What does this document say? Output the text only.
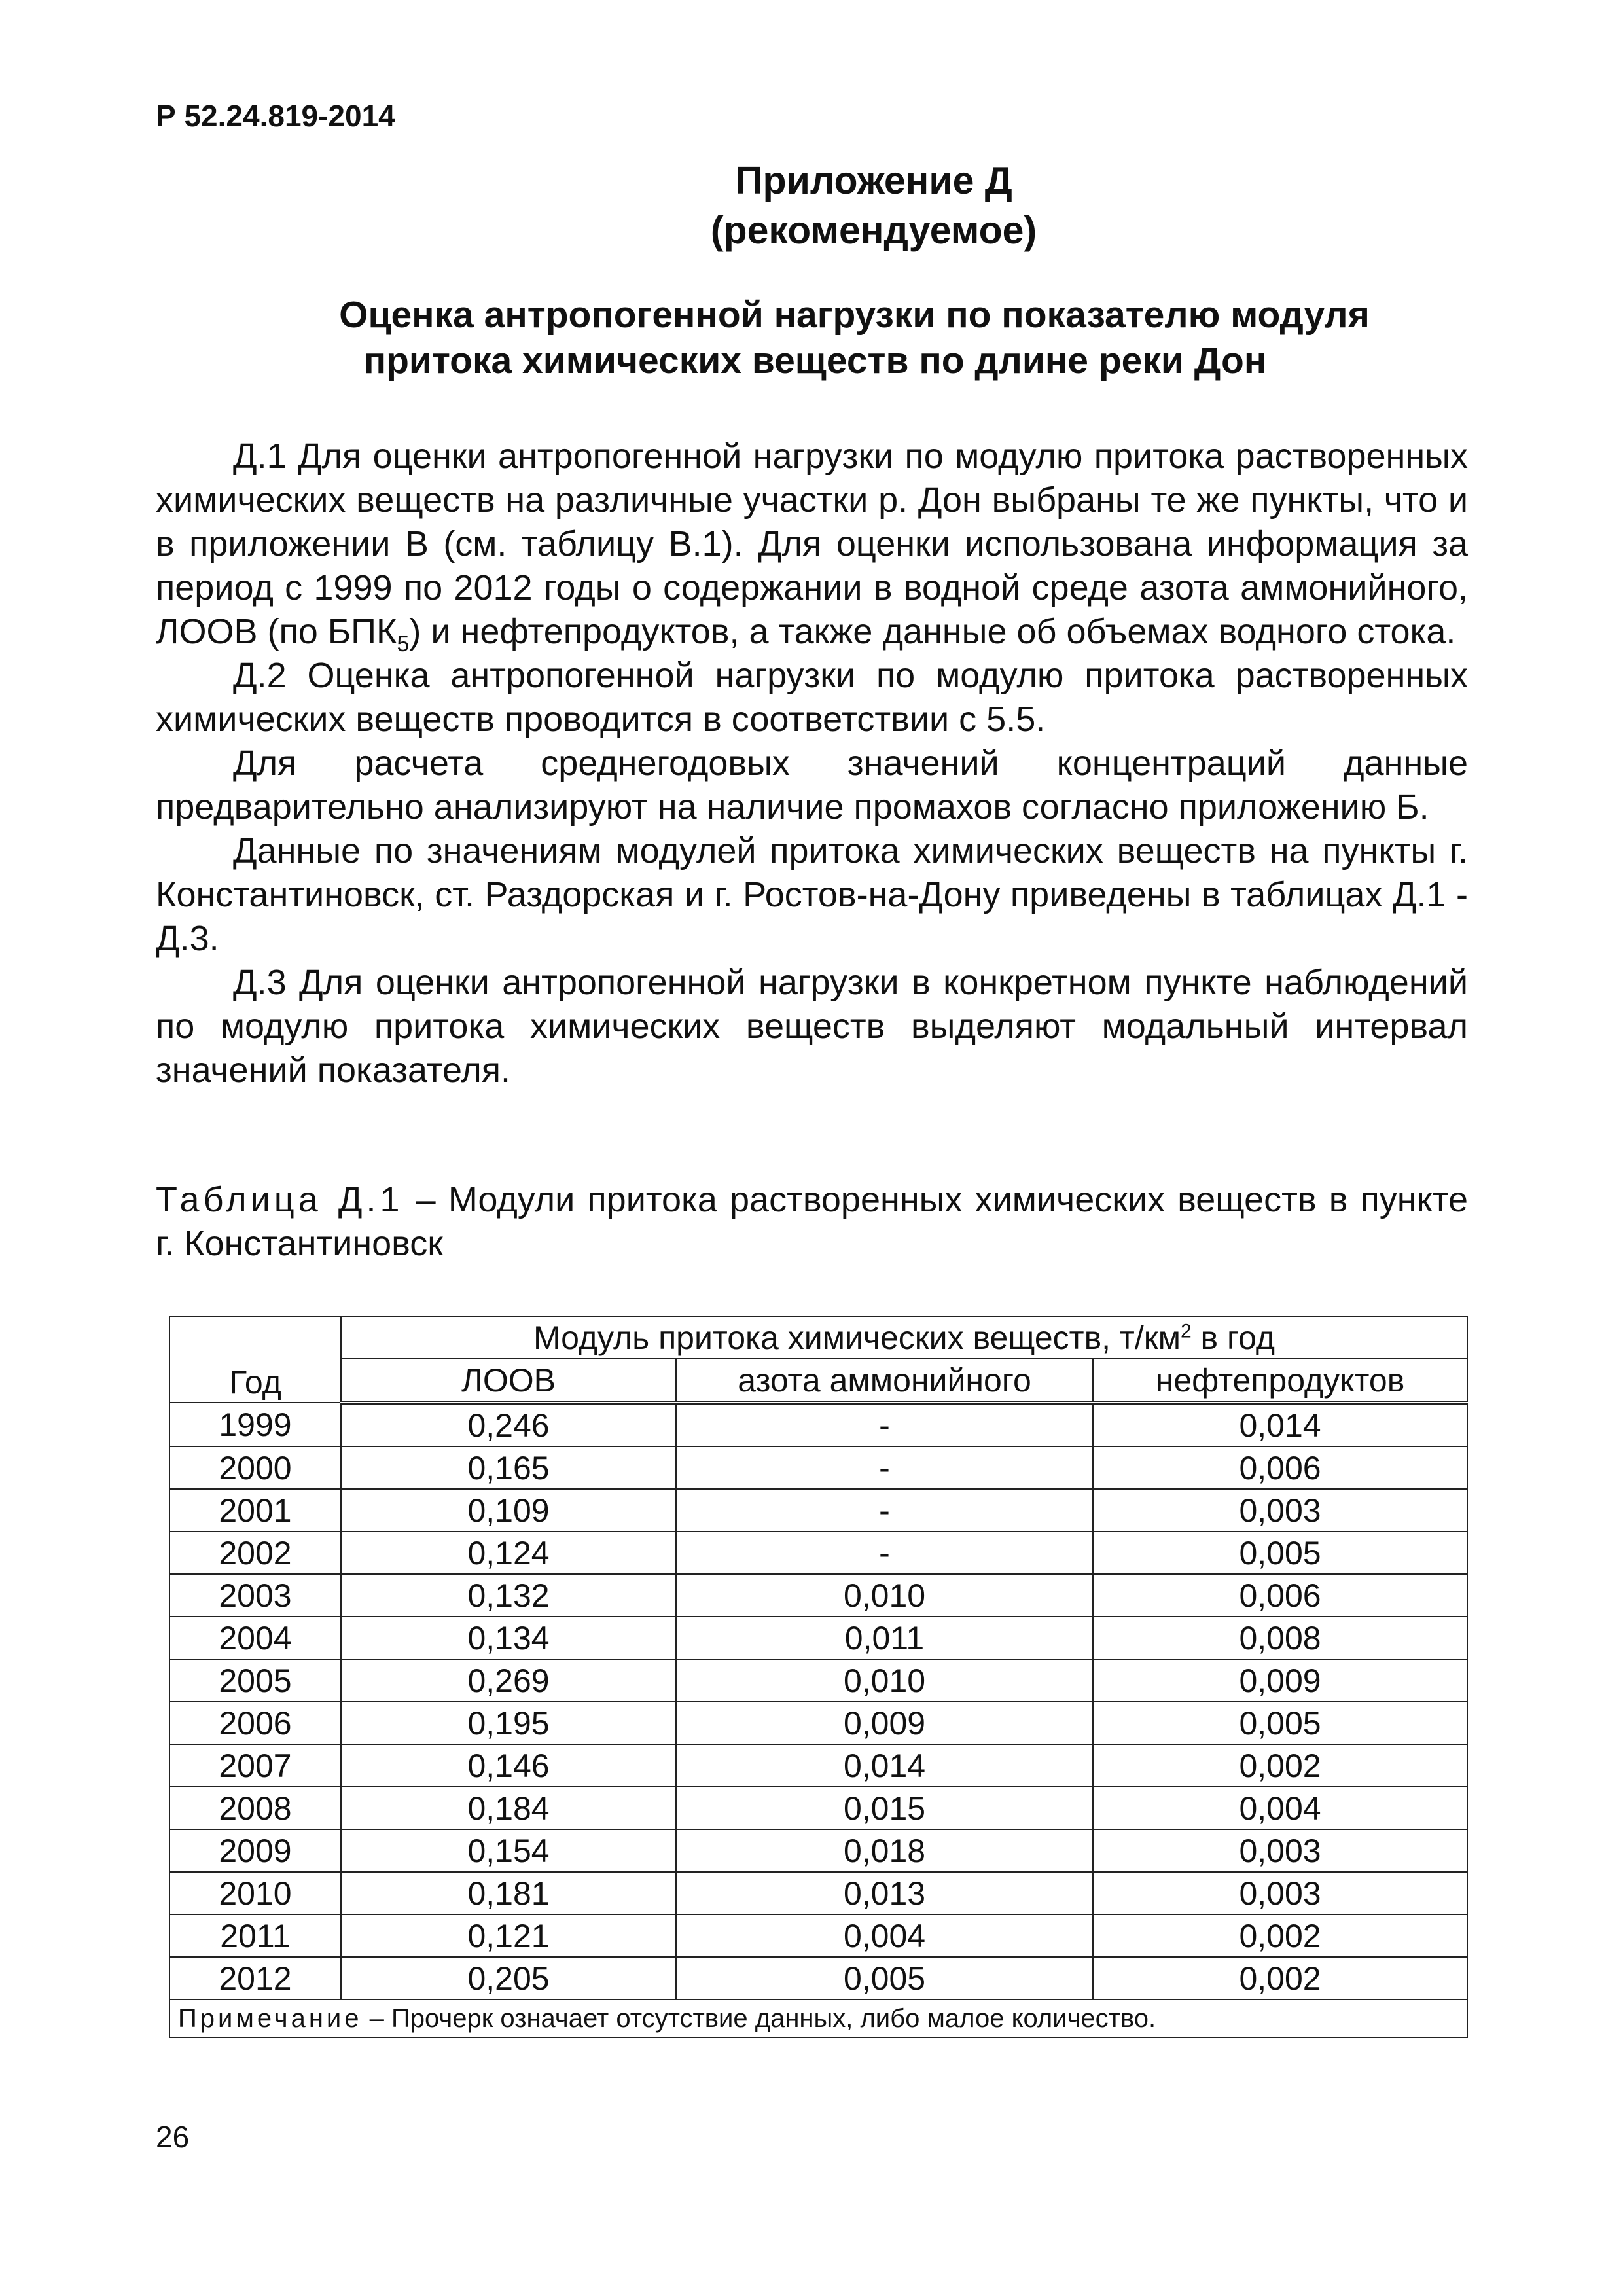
Р 52.24.819-2014
Приложение Д
(рекомендуемое)
Оценка антропогенной нагрузки по показателю модуля
притока химических веществ по длине реки Дон

Д.1 Для оценки антропогенной нагрузки по модулю притока растворенных химических веществ на различные участки р. Дон выбраны те же пункты, что и в приложении В (см. таблицу В.1). Для оценки использована информация за период с 1999 по 2012 годы о содержании в водной среде азота аммонийного, ЛООВ (по $БПК_5$) и нефтепродуктов, а также данные об объемах водного стока.

Д.2 Оценка антропогенной нагрузки по модулю притока растворенных химических веществ проводится в соответствии с 5.5.

Для расчета среднегодовых значений концентраций данные предварительно анализируют на наличие промахов согласно приложению Б.

Данные по значениям модулей притока химических веществ на пункты г. Константиновск, ст. Раздорская и г. Ростов-на-Дону приведены в таблицах Д.1 - Д.3.

Д.3 Для оценки антропогенной нагрузки в конкретном пункте наблюдений по модулю притока химических веществ выделяют модальный интервал значений показателя.

Таблица Д.1 – Модули притока растворенных химических веществ в пункте г. Константиновск
Год	Модуль притока химических веществ, $т/км^2$ в год		
	ЛООВ	азота аммонийного	нефтепродуктов
1999	0,246	-	0,014
2000	0,165	-	0,006
2001	0,109	-	0,003
2002	0,124	-	0,005
2003	0,132	0,010	0,006
2004	0,134	0,011	0,008
2005	0,269	0,010	0,009
2006	0,195	0,009	0,005
2007	0,146	0,014	0,002
2008	0,184	0,015	0,004
2009	0,154	0,018	0,003
2010	0,181	0,013	0,003
2011	0,121	0,004	0,002
2012	0,205	0,005	0,002
Примечание – Прочерк означает отсутствие данных, либо малое количество.			
26
